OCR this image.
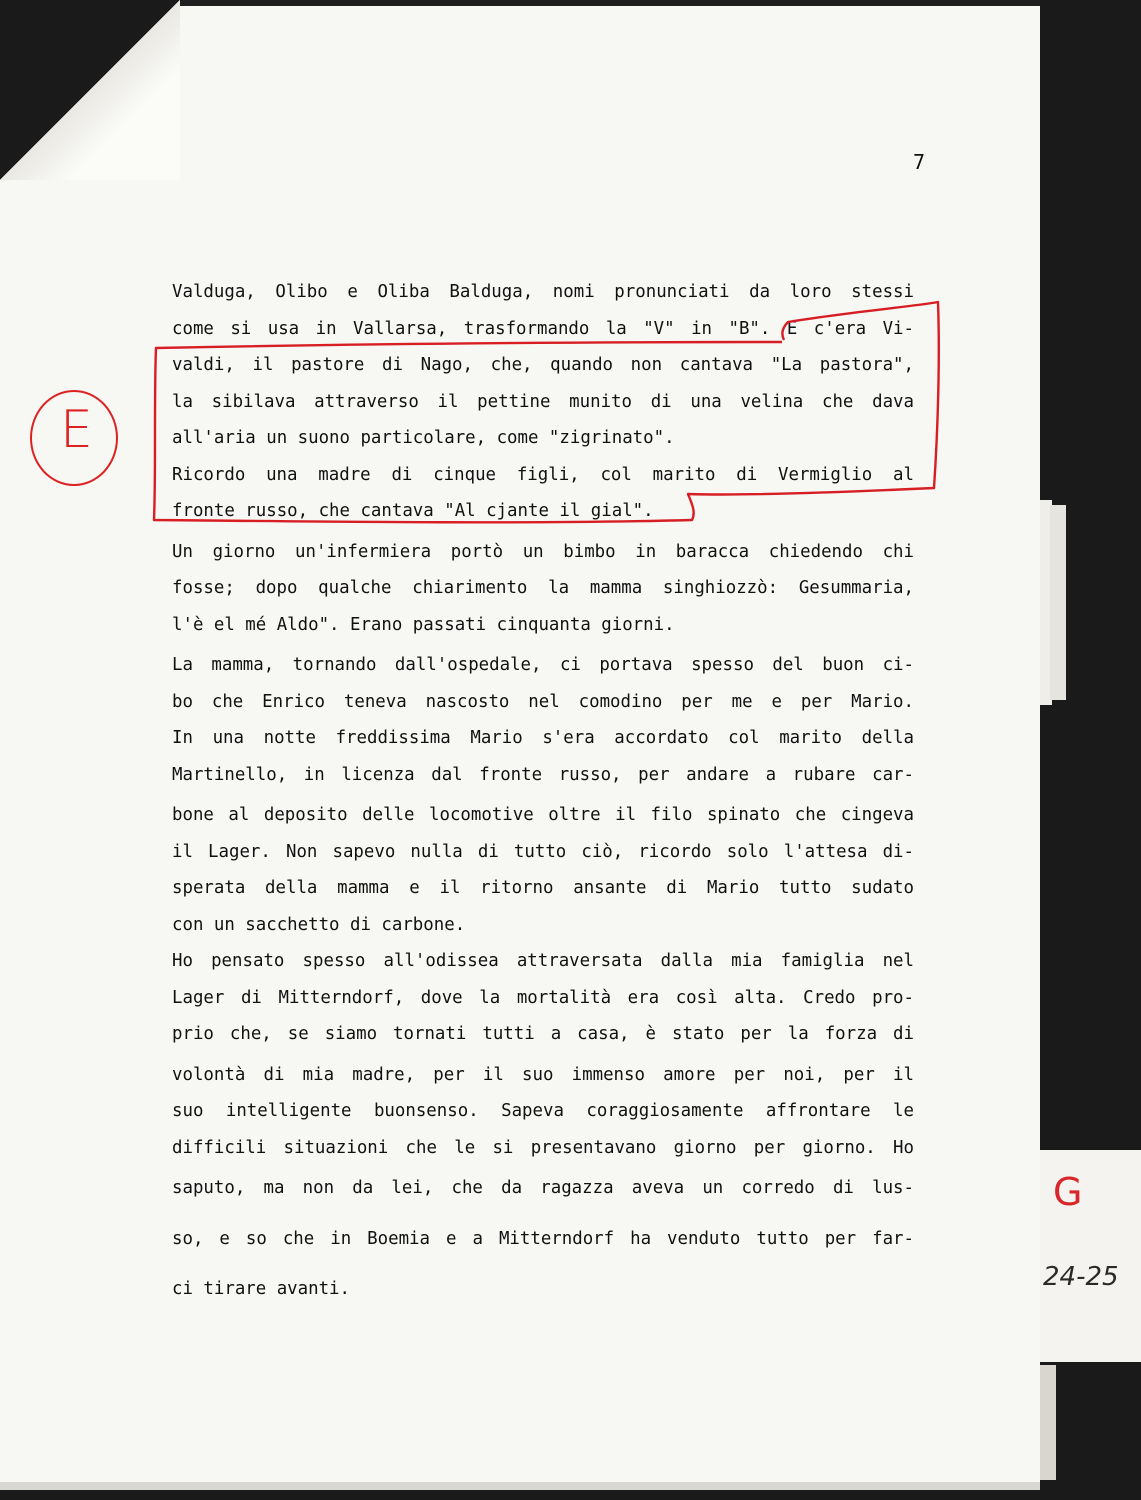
G
24-25
7
Valduga, Olibo e Oliba Balduga, nomi pronunciati da loro stessi
come si usa in Vallarsa, trasformando la "V" in "B". E c'era Vi-
valdi, il pastore di Nago, che, quando non cantava "La pastora",
la sibilava attraverso il pettine munito di una velina che dava
all'aria un suono particolare, come "zigrinato".
Ricordo una madre di cinque figli, col marito di Vermiglio al
fronte russo, che cantava "Al cjante il gial".
Un giorno un'infermiera portò un bimbo in baracca chiedendo chi
fosse; dopo qualche chiarimento la mamma singhiozzò: Gesummaria,
l'è el mé Aldo". Erano passati cinquanta giorni.
La mamma, tornando dall'ospedale, ci portava spesso del buon ci-
bo che Enrico teneva nascosto nel comodino per me e per Mario.
In una notte freddissima Mario s'era accordato col marito della
Martinello, in licenza dal fronte russo, per andare a rubare car-
bone al deposito delle locomotive oltre il filo spinato che cingeva
il Lager. Non sapevo nulla di tutto ciò, ricordo solo l'attesa di-
sperata della mamma e il ritorno ansante di Mario tutto sudato
con un sacchetto di carbone.
Ho pensato spesso all'odissea attraversata dalla mia famiglia nel
Lager di Mitterndorf, dove la mortalità era così alta. Credo pro-
prio che, se siamo tornati tutti a casa, è stato per la forza di
volontà di mia madre, per il suo immenso amore per noi, per il
suo intelligente buonsenso. Sapeva coraggiosamente affrontare le
difficili situazioni che le si presentavano giorno per giorno. Ho
saputo, ma non da lei, che da ragazza aveva un corredo di lus-
so, e so che in Boemia e a Mitterndorf ha venduto tutto per far-
ci tirare avanti.
E
